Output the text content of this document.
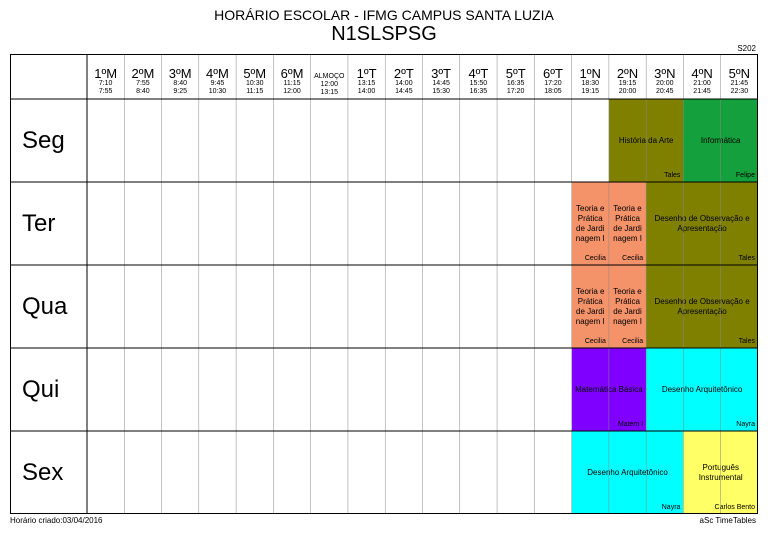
HORÁRIO ESCOLAR - IFMG CAMPUS SANTA LUZIA
N1SLSPSG
S202
1ºM
7:10
7:55
2ºM
7:55
8:40
3ºM
8:40
9:25
4ºM
9:45
10:30
5ºM
10:30
11:15
6ºM
11:15
12:00
ALMOÇO
12:00
13:15
1ºT
13:15
14:00
2ºT
14:00
14:45
3ºT
14:45
15:30
4ºT
15:50
16:35
5ºT
16:35
17:20
6ºT
17:20
18:05
1ºN
18:30
19:15
2ºN
19:15
20:00
3ºN
20:00
20:45
4ºN
21:00
21:45
5ºN
21:45
22:30
Seg
Ter
Qua
Qui
Sex
História da Arte
Tales
Informática
Felipe
Teoria e Prática de Jardi nagem I
Cecilia
Teoria e Prática de Jardi nagem I
Cecilia
Desenho de Observação e Apresentação
Tales
Teoria e Prática de Jardi nagem I
Cecilia
Teoria e Prática de Jardi nagem I
Cecilia
Desenho de Observação e Apresentação
Tales
Matemática Básica
Matem I
Desenho Arquitetônico
Nayra
Desenho Arquitetônico
Nayra
Português Instrumental
Carlos Bento
Horário criado:03/04/2016	aSc TimeTables
